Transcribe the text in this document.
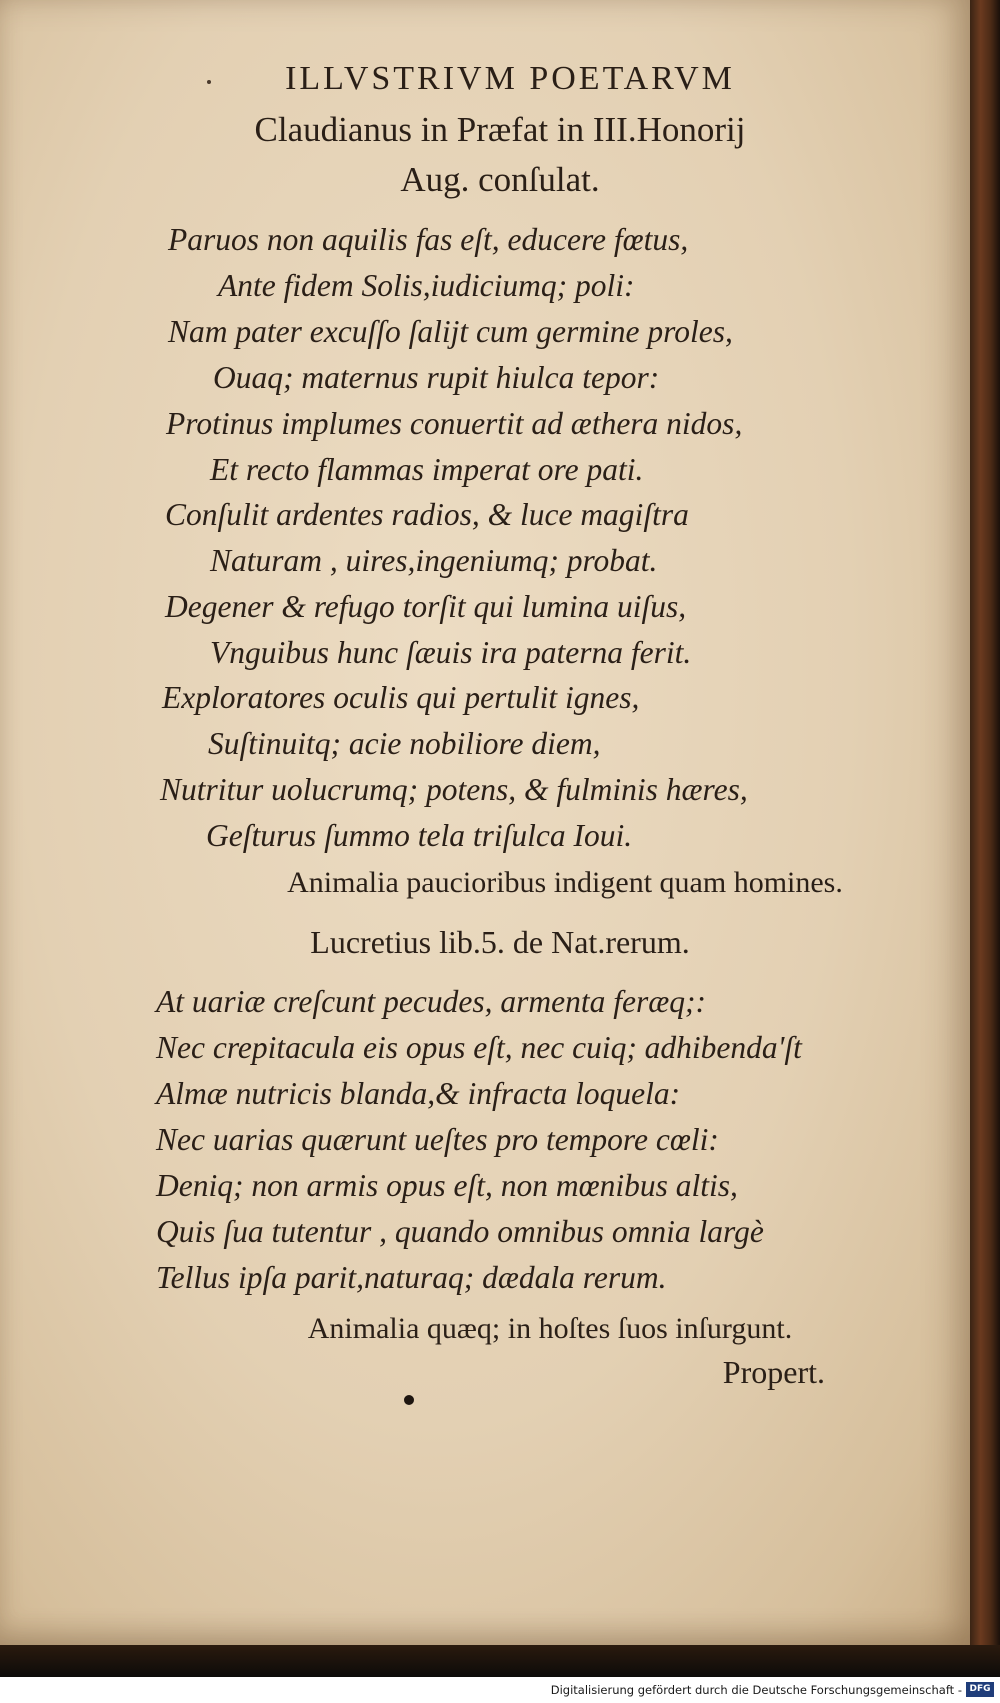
ILLVSTRIVM POETARVM
Claudianus in Præfat in III.Honorij
Aug. conſulat.
Paruos non aquilis fas eſt, educere fœtus,
Ante fidem Solis,iudiciumq; poli:
Nam pater excuſſo ſalijt cum germine proles,
Ouaq; maternus rupit hiulca tepor:
Protinus implumes conuertit ad æthera nidos,
Et recto flammas imperat ore pati.
Conſulit ardentes radios, & luce magiſtra
Naturam , uires,ingeniumq; probat.
Degener & refugo torſit qui lumina uiſus,
Vnguibus hunc ſæuis ira paterna ferit.
Exploratores oculis qui pertulit ignes,
Suſtinuitq; acie nobiliore diem,
Nutritur uolucrumq; potens, & fulminis hæres,
Geſturus ſummo tela triſulca Ioui.
Animalia paucioribus indigent quam homines.
Lucretius lib.5. de Nat.rerum.
At uariæ creſcunt pecudes, armenta feræq;:
Nec crepitacula eis opus eſt, nec cuiq; adhibenda'ſt
Almæ nutricis blanda,& infracta loquela:
Nec uarias quærunt ueſtes pro tempore cœli:
Deniq; non armis opus eſt, non mœnibus altis,
Quis ſua tutentur , quando omnibus omnia largè
Tellus ipſa parit,naturaq; dædala rerum.
Animalia quæq; in hoſtes ſuos inſurgunt.
Propert.
Digitalisierung gefördert durch die Deutsche Forschungsgemeinschaft - DFG
